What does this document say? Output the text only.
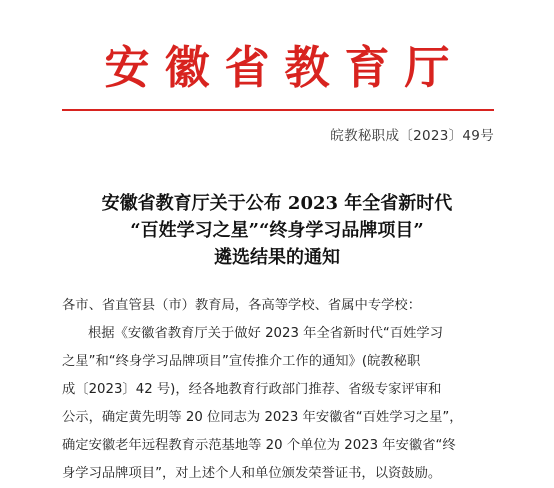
安徽省教育厅
皖教秘职成〔2023〕49号
安徽省教育厅关于公布 2023 年全省新时代
“百姓学习之星”“终身学习品牌项目”
遴选结果的通知

各市、省直管县（市）教育局，各高等学校、省属中专学校：

根据《安徽省教育厅关于做好 2023 年全省新时代“百姓学习

之星”和“终身学习品牌项目”宣传推介工作的通知》(皖教秘职

成〔2023〕42 号)，经各地教育行政部门推荐、省级专家评审和

公示，确定黄先明等 20 位同志为 2023 年安徽省“百姓学习之星”，

确定安徽老年远程教育示范基地等 20 个单位为 2023 年安徽省“终

身学习品牌项目”，对上述个人和单位颁发荣誉证书，以资鼓励。
